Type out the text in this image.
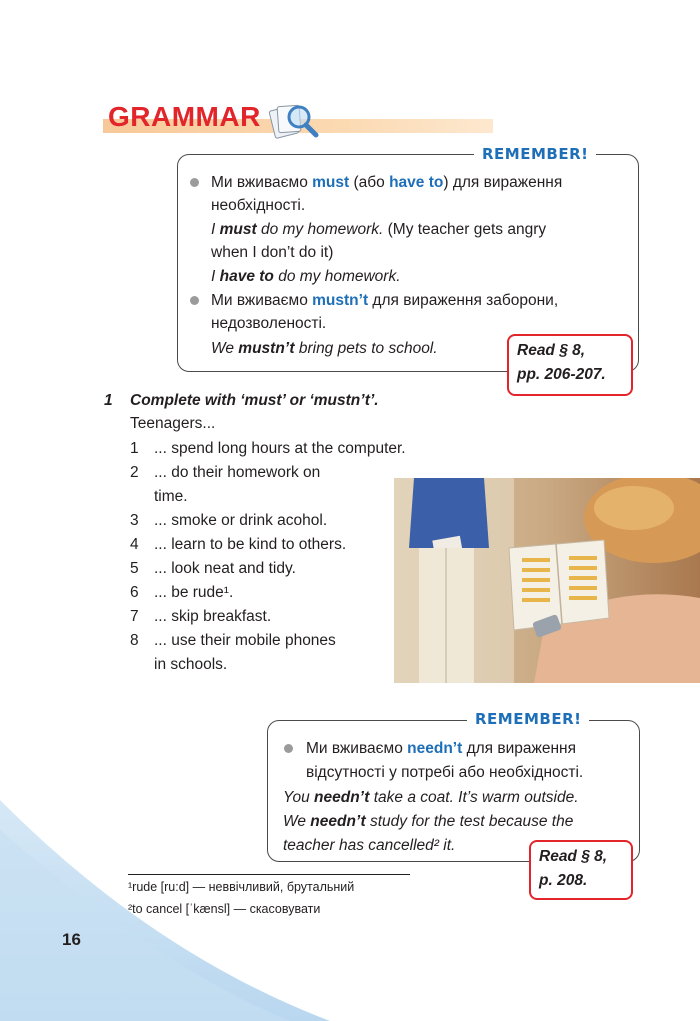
GRAMMAR
REMEMBER!
Ми вживаємо must (або have to) для вираження
необхідності.
I must do my homework. (My teacher gets angry
when I don’t do it)
I have to do my homework.
Ми вживаємо mustn’t для вираження заборони,
недозволеності.
We mustn’t bring pets to school.	Read § 8,
pp. 206-207.
1 Complete with ‘must’ or ‘mustn’t’.
Teenagers...
1 ... spend long hours at the computer.
2 ... do their homework on
time.
3 ... smoke or drink acohol.
4 ... learn to be kind to others.
5 ... look neat and tidy.
6 ... be rude¹.
7 ... skip breakfast.
8 ... use their mobile phones
in schools.
REMEMBER!
Ми вживаємо needn’t для вираження
відсутності у потребі або необхідності.
You needn’t take a coat. It’s warm outside.
We needn’t study for the test because the
teacher has cancelled² it.
Read § 8,
p. 208.
¹rude [ru:d] — неввічливий, брутальний
²to cancel [ˈkænsl] — скасовувати
16
